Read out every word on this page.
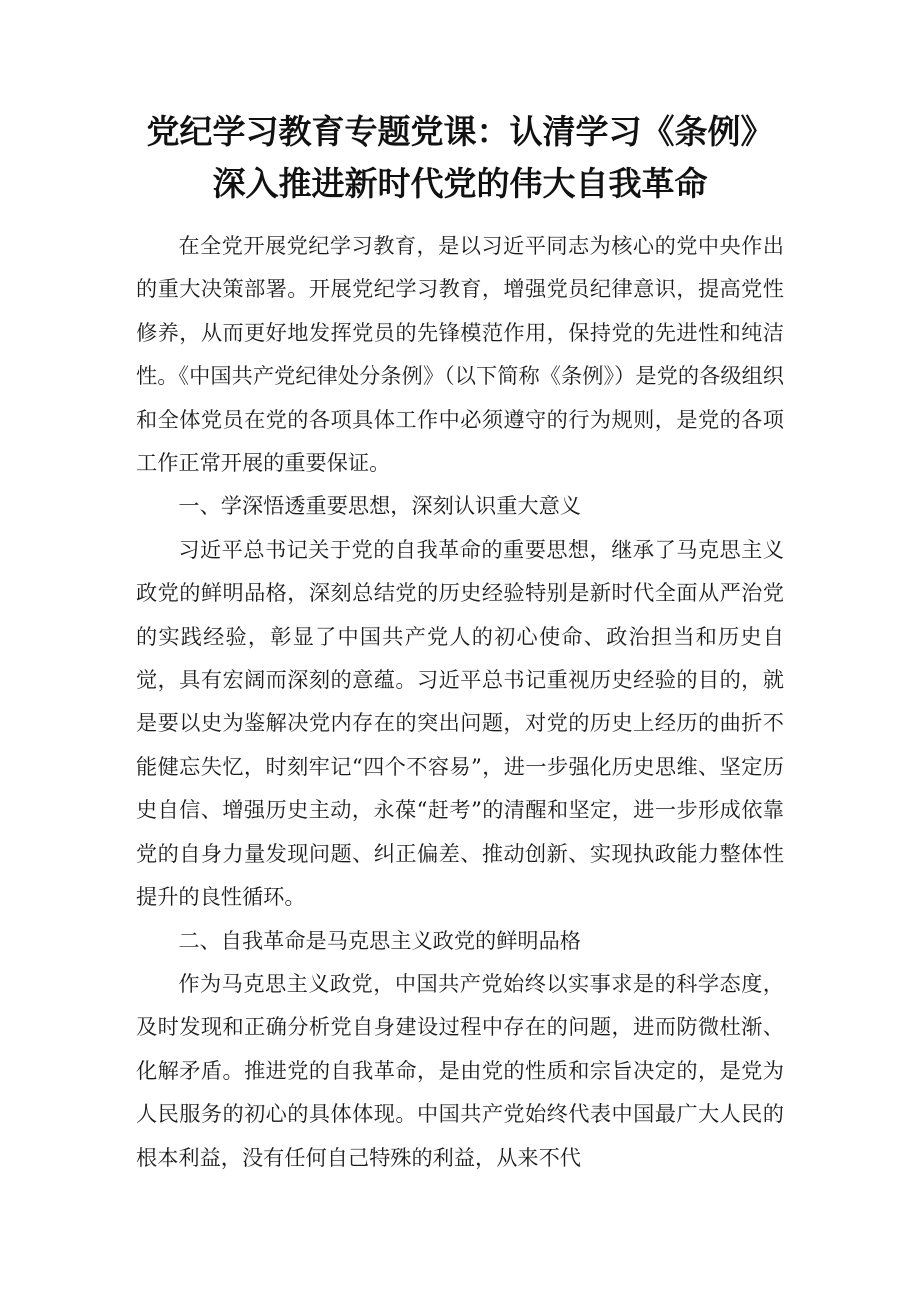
党纪学习教育专题党课：认清学习《条例》
深入推进新时代党的伟大自我革命

在全党开展党纪学习教育，是以习近平同志为核心的党中央作出的重大决策部署。开展党纪学习教育，增强党员纪律意识，提高党性修养，从而更好地发挥党员的先锋模范作用，保持党的先进性和纯洁性。《中国共产党纪律处分条例》（以下简称《条例》）是党的各级组织和全体党员在党的各项具体工作中必须遵守的行为规则，是党的各项工作正常开展的重要保证。

一、学深悟透重要思想，深刻认识重大意义

习近平总书记关于党的自我革命的重要思想，继承了马克思主义政党的鲜明品格，深刻总结党的历史经验特别是新时代全面从严治党的实践经验，彰显了中国共产党人的初心使命、政治担当和历史自觉，具有宏阔而深刻的意蕴。习近平总书记重视历史经验的目的，就是要以史为鉴解决党内存在的突出问题，对党的历史上经历的曲折不能健忘失忆，时刻牢记“四个不容易”，进一步强化历史思维、坚定历史自信、增强历史主动，永葆“赶考”的清醒和坚定，进一步形成依靠党的自身力量发现问题、纠正偏差、推动创新、实现执政能力整体性提升的良性循环。

二、自我革命是马克思主义政党的鲜明品格

作为马克思主义政党，中国共产党始终以实事求是的科学态度，及时发现和正确分析党自身建设过程中存在的问题，进而防微杜渐、化解矛盾。推进党的自我革命，是由党的性质和宗旨决定的，是党为人民服务的初心的具体体现。中国共产党始终代表中国最广大人民的根本利益，没有任何自己特殊的利益，从来不代
